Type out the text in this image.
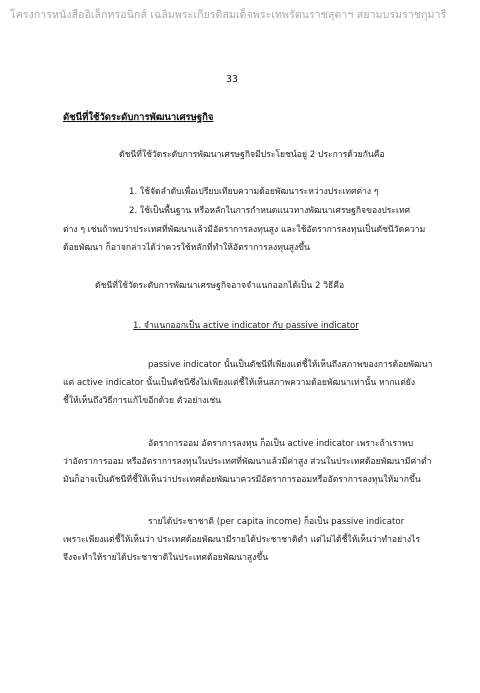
โครงการหนังสืออิเล็กทรอนิกส์ เฉลิมพระเกียรติสมเด็จพระเทพรัตนราชสุดาฯ สยามบรมราชกุมารี
33
ดัชนีที่ใช้วัดระดับการพัฒนาเศรษฐกิจ
ดัชนีที่ใช้วัดระดับการพัฒนาเศรษฐกิจมีประโยชน์อยู่ 2 ประการด้วยกันคือ
1. ใช้จัดลำดับเพื่อเปรียบเทียบความด้อยพัฒนาระหว่างประเทศต่าง ๆ
2. ใช้เป็นพื้นฐาน หรือหลักในการกำหนดแนวทางพัฒนาเศรษฐกิจของประเทศ
ต่าง ๆ เช่นถ้าพบว่าประเทศที่พัฒนาแล้วมีอัตราการลงทุนสูง และใช้อัตราการลงทุนเป็นดัชนีวัดความ
ด้อยพัฒนา ก็อาจกล่าวได้ว่าควรใช้หลักที่ทำให้อัตราการลงทุนสูงขึ้น
ดัชนีที่ใช้วัดระดับการพัฒนาเศรษฐกิจอาจจำแนกออกได้เป็น 2 วิธีคือ
1. จำแนกออกเป็น active indicator กับ passive indicator
passive indicator นั้นเป็นดัชนีที่เพียงแต่ชี้ให้เห็นถึงสภาพของการด้อยพัฒนา
แต่ active indicator นั้นเป็นดัชนีซึ่งไม่เพียงแต่ชี้ให้เห็นสภาพความด้อยพัฒนาเท่านั้น หากแต่ยัง
ชี้ให้เห็นถึงวิธีการแก้ไขอีกด้วย ตัวอย่างเช่น
อัตราการออม อัตราการลงทุน ก็อเป็น active indicator เพราะถ้าเราพบ
ว่าอัตราการออม หรืออัตราการลงทุนในประเทศที่พัฒนาแล้วมีค่าสูง ส่วนในประเทศด้อยพัฒนามีค่าต่ำ
มันก็อาจเป็นดัชนีที่ชี้ให้เห็นว่าประเทศด้อยพัฒนาควรมีอัตราการออมหรืออัตราการลงทุนให้มากขึ้น
รายได้ประชาชาติ (per capita income) ก็อเป็น passive indicator
เพราะเพียงแต่ชี้ให้เห็นว่า ประเทศด้อยพัฒนามีรายได้ประชาชาติต่ำ แต่ไม่ได้ชี้ให้เห็นว่าทำอย่างไร
จึงจะทำให้รายได้ประชาชาติในประเทศด้อยพัฒนาสูงขึ้น
